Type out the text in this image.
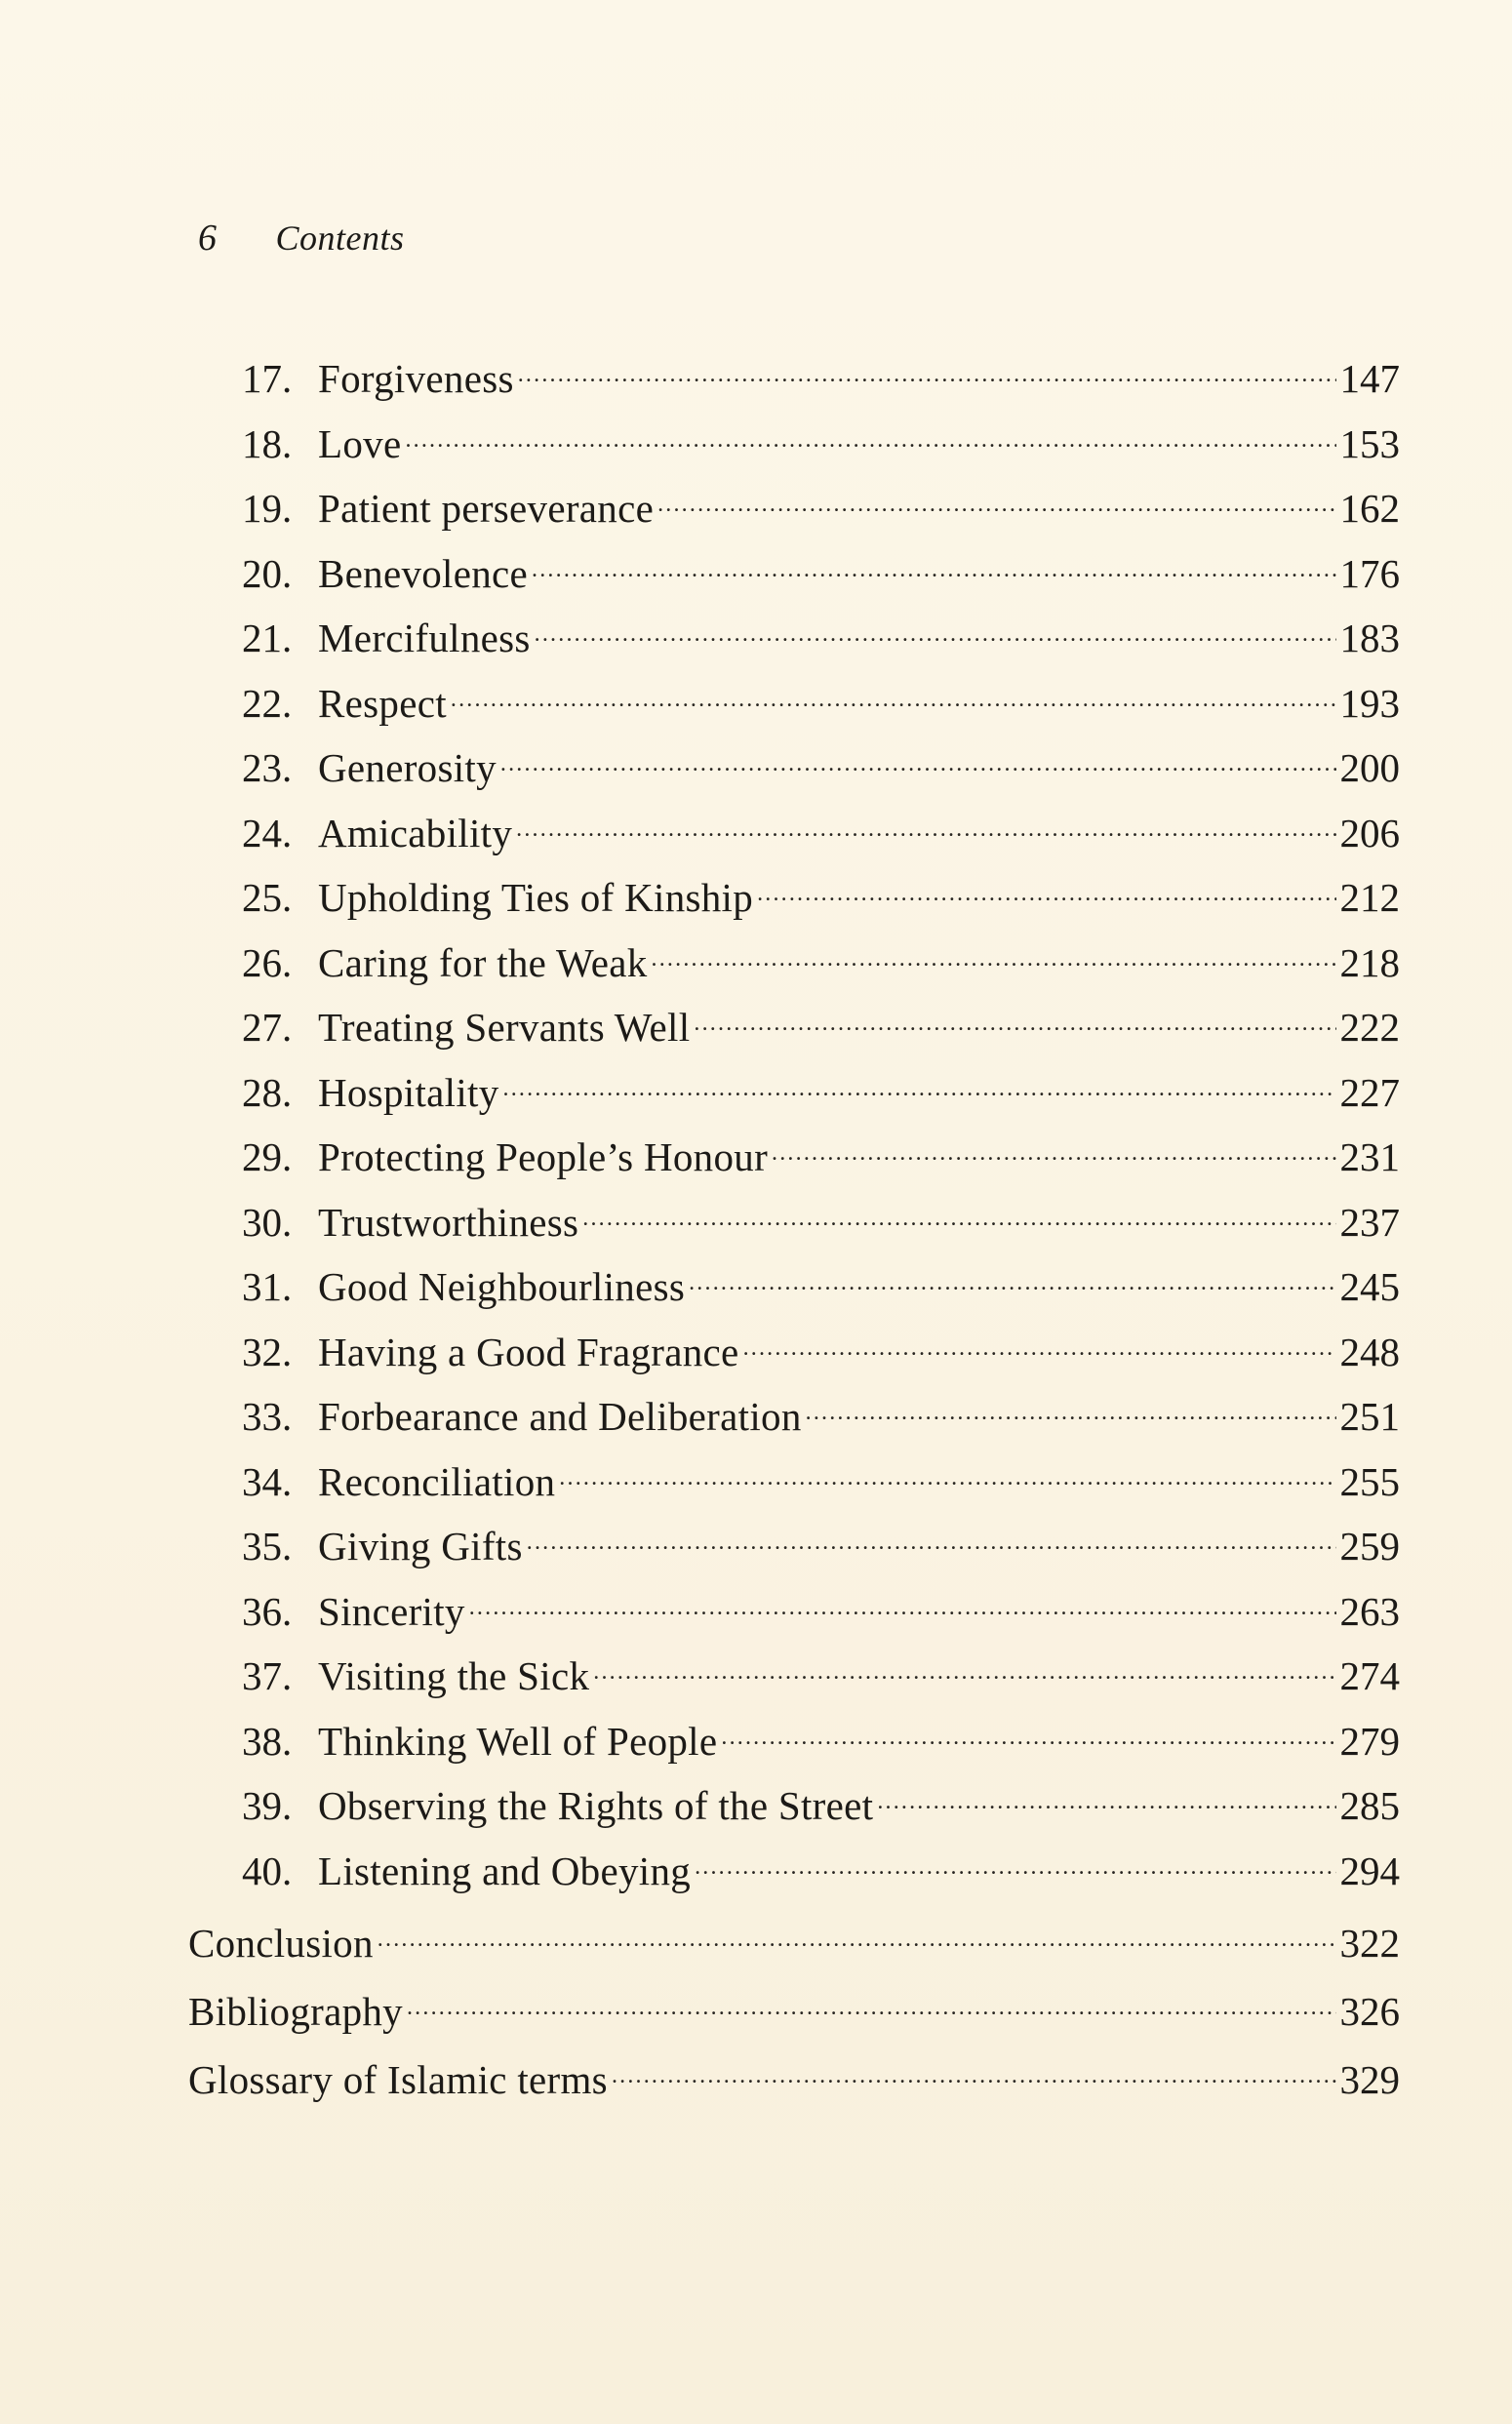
6 Contents
17. Forgiveness .....	147
18. Love .....	153
19. Patient perseverance .....	162
20. Benevolence .....	176
21. Mercifulness .....	183
22. Respect .....	193
23. Generosity .....	200
24. Amicability .....	206
25. Upholding Ties of Kinship .....	212
26. Caring for the Weak .....	218
27. Treating Servants Well .....	222
28. Hospitality .....	227
29. Protecting People’s Honour .....	231
30. Trustworthiness .....	237
31. Good Neighbourliness .....	245
32. Having a Good Fragrance .....	248
33. Forbearance and Deliberation .....	251
34. Reconciliation .....	255
35. Giving Gifts .....	259
36. Sincerity .....	263
37. Visiting the Sick .....	274
38. Thinking Well of People .....	279
39. Observing the Rights of the Street .....	285
40. Listening and Obeying .....	294
Conclusion .....	322
Bibliography .....	326
Glossary of Islamic terms .....	329
